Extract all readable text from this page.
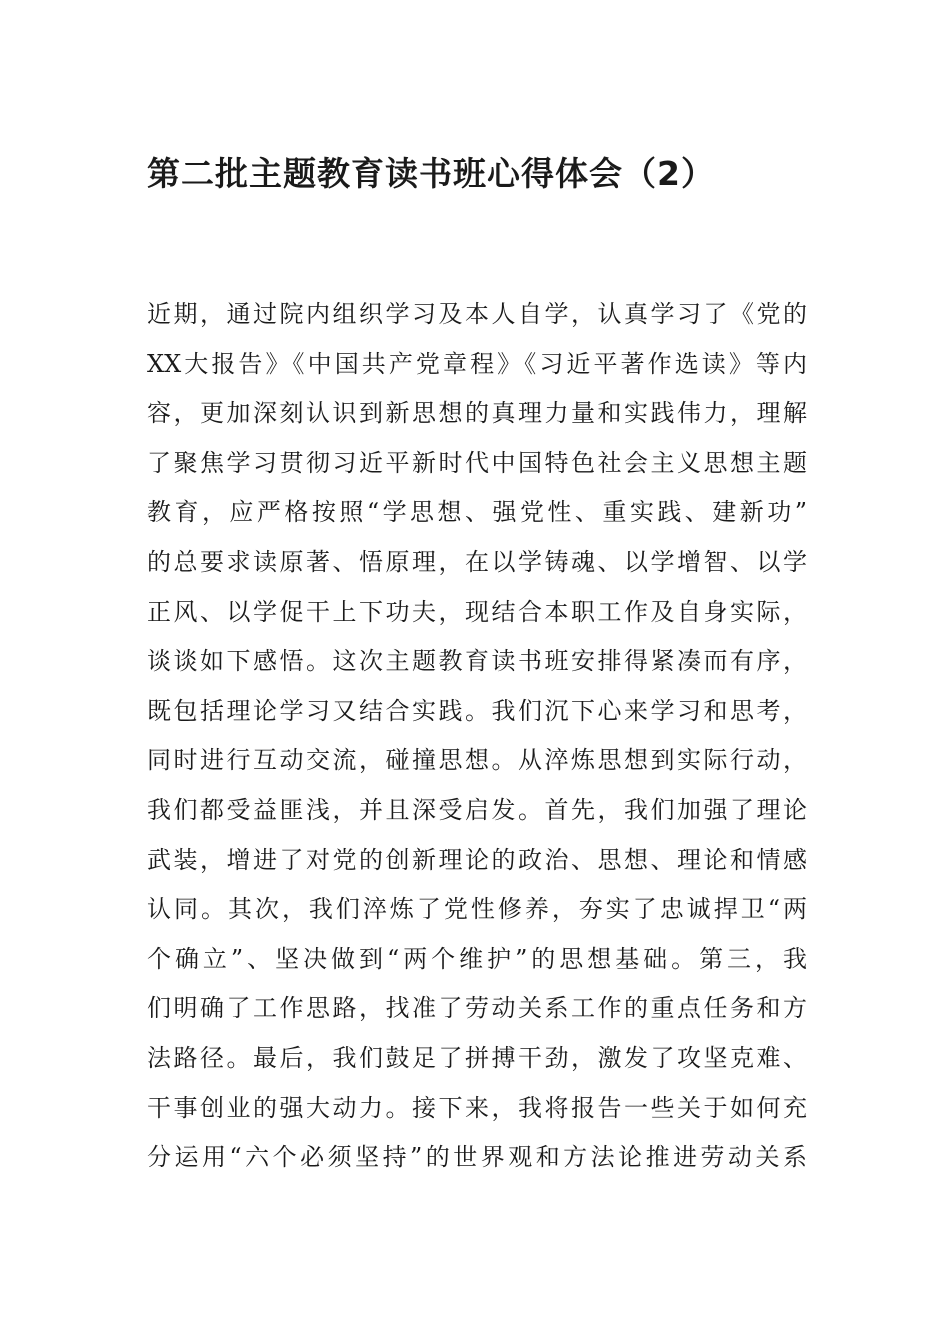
第二批主题教育读书班心得体会（2）
近期，通过院内组织学习及本人自学，认真学习了《党的
XX大报告》《中国共产党章程》《习近平著作选读》等内
容，更加深刻认识到新思想的真理力量和实践伟力，理解
了聚焦学习贯彻习近平新时代中国特色社会主义思想主题
教育，应严格按照“学思想、强党性、重实践、建新功”
的总要求读原著、悟原理，在以学铸魂、以学增智、以学
正风、以学促干上下功夫，现结合本职工作及自身实际，
谈谈如下感悟。这次主题教育读书班安排得紧凑而有序，
既包括理论学习又结合实践。我们沉下心来学习和思考，
同时进行互动交流，碰撞思想。从淬炼思想到实际行动，
我们都受益匪浅，并且深受启发。首先，我们加强了理论
武装，增进了对党的创新理论的政治、思想、理论和情感
认同。其次，我们淬炼了党性修养，夯实了忠诚捍卫“两
个确立”、坚决做到“两个维护”的思想基础。第三，我
们明确了工作思路，找准了劳动关系工作的重点任务和方
法路径。最后，我们鼓足了拼搏干劲，激发了攻坚克难、
干事创业的强大动力。接下来，我将报告一些关于如何充
分运用“六个必须坚持”的世界观和方法论推进劳动关系
